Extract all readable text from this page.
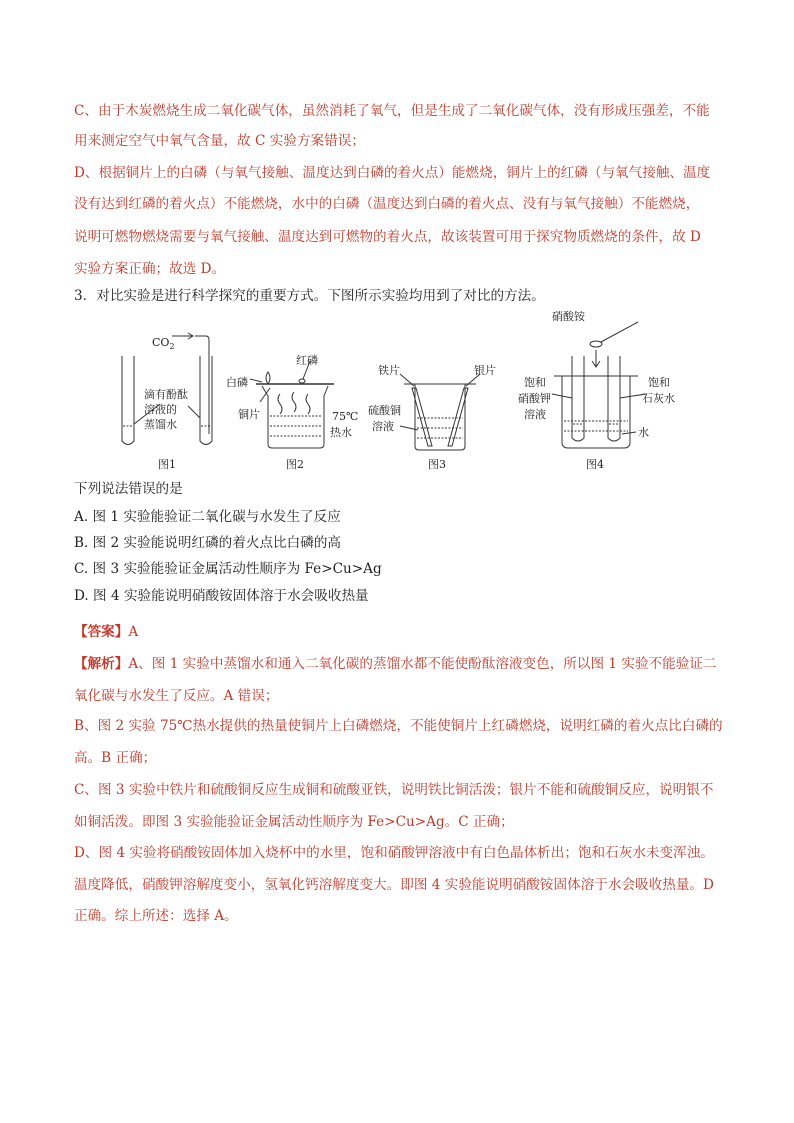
C、由于木炭燃烧生成二氧化碳气体，虽然消耗了氧气，但是生成了二氧化碳气体，没有形成压强差，不能
用来测定空气中氧气含量，故 C 实验方案错误；
D、根据铜片上的白磷（与氧气接触、温度达到白磷的着火点）能燃烧，铜片上的红磷（与氧气接触、温度
没有达到红磷的着火点）不能燃烧，水中的白磷（温度达到白磷的着火点、没有与氧气接触）不能燃烧，
说明可燃物燃烧需要与氧气接触、温度达到可燃物的着火点，故该装置可用于探究物质燃烧的条件，故 D
实验方案正确；故选 D。
3．对比实验是进行科学探究的重要方式。下图所示实验均用到了对比的方法。
$CO_2$
滴有酚酞
溶液的
蒸馏水
图1
红磷
白磷
铜片	75℃
热水
图2
铁片	银片
硫酸铜
溶液
图3
硝酸铵
饱和
硝酸钾
溶液
饱和
石灰水
水
图4
下列说法错误的是
A. 图 1 实验能验证二氧化碳与水发生了反应
B. 图 2 实验能说明红磷的着火点比白磷的高
C. 图 3 实验能验证金属活动性顺序为 Fe>Cu>Ag
D. 图 4 实验能说明硝酸铵固体溶于水会吸收热量
【答案】A
【解析】A、图 1 实验中蒸馏水和通入二氧化碳的蒸馏水都不能使酚酞溶液变色，所以图 1 实验不能验证二
氧化碳与水发生了反应。A 错误；
B、图 2 实验 75℃热水提供的热量使铜片上白磷燃烧，不能使铜片上红磷燃烧，说明红磷的着火点比白磷的
高。B 正确；
C、图 3 实验中铁片和硫酸铜反应生成铜和硫酸亚铁，说明铁比铜活泼；银片不能和硫酸铜反应，说明银不
如铜活泼。即图 3 实验能验证金属活动性顺序为 Fe>Cu>Ag。C 正确；
D、图 4 实验将硝酸铵固体加入烧杯中的水里，饱和硝酸钾溶液中有白色晶体析出；饱和石灰水未变浑浊。
温度降低，硝酸钾溶解度变小，氢氧化钙溶解度变大。即图 4 实验能说明硝酸铵固体溶于水会吸收热量。D
正确。综上所述：选择 A。
